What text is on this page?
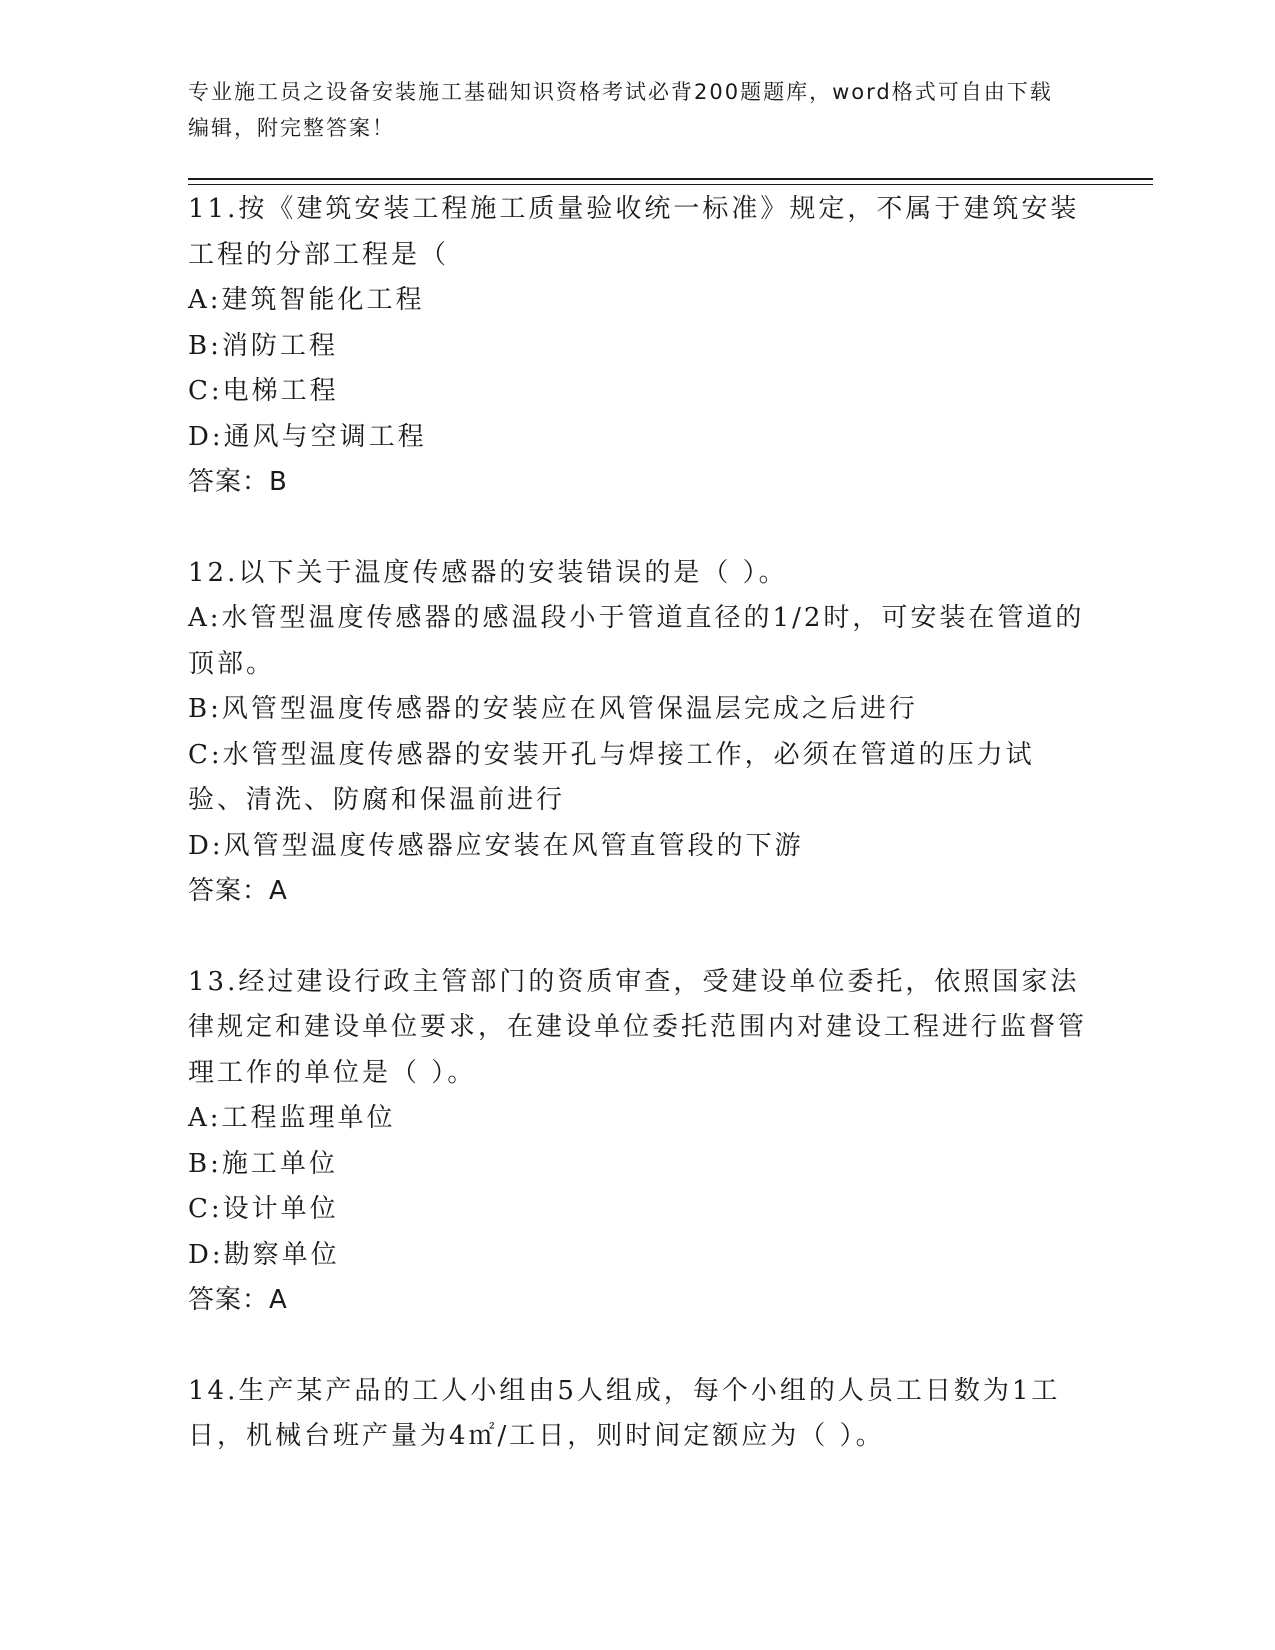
专业施工员之设备安装施工基础知识资格考试必背200题题库，word格式可自由下载编辑，附完整答案！

11.按《建筑安装工程施工质量验收统一标准》规定，不属于建筑安装工程的分部工程是（

A:建筑智能化工程

B:消防工程

C:电梯工程

D:通风与空调工程

答案：B

12.以下关于温度传感器的安装错误的是（ ）。

A:水管型温度传感器的感温段小于管道直径的1/2时，可安装在管道的顶部。

B:风管型温度传感器的安装应在风管保温层完成之后进行

C:水管型温度传感器的安装开孔与焊接工作，必须在管道的压力试验、清洗、防腐和保温前进行

D:风管型温度传感器应安装在风管直管段的下游

答案：A

13.经过建设行政主管部门的资质审查，受建设单位委托，依照国家法律规定和建设单位要求，在建设单位委托范围内对建设工程进行监督管理工作的单位是（ ）。

A:工程监理单位

B:施工单位

C:设计单位

D:勘察单位

答案：A

14.生产某产品的工人小组由5人组成，每个小组的人员工日数为1工日，机械台班产量为4㎡/工日，则时间定额应为（ ）。
